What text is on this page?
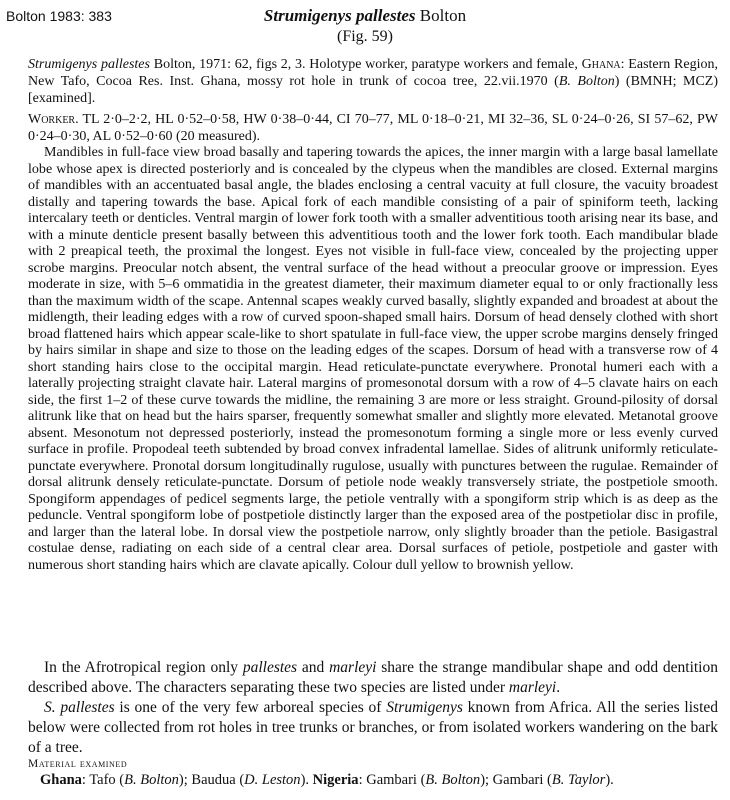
Bolton 1983: 383	Strumigenys pallestes Bolton
(Fig. 59)
Strumigenys pallestes Bolton, 1971: 62, figs 2, 3. Holotype worker, paratype workers and female, Ghana: Eastern Region, New Tafo, Cocoa Res. Inst. Ghana, mossy rot hole in trunk of cocoa tree, 22.vii.1970 (B. Bolton) (BMNH; MCZ) [examined].
Worker. TL 2·0–2·2, HL 0·52–0·58, HW 0·38–0·44, CI 70–77, ML 0·18–0·21, MI 32–36, SL 0·24–0·26, SI 57–62, PW 0·24–0·30, AL 0·52–0·60 (20 measured).
Mandibles in full-face view broad basally and tapering towards the apices, the inner margin with a large basal lamellate lobe whose apex is directed posteriorly and is concealed by the clypeus when the mandibles are closed. External margins of mandibles with an accentuated basal angle, the blades enclosing a central vacuity at full closure, the vacuity broadest distally and tapering towards the base. Apical fork of each mandible consisting of a pair of spiniform teeth, lacking intercalary teeth or denticles. Ventral margin of lower fork tooth with a smaller adventitious tooth arising near its base, and with a minute denticle present basally between this adventitious tooth and the lower fork tooth. Each mandibular blade with 2 preapical teeth, the proximal the longest. Eyes not visible in full-face view, concealed by the projecting upper scrobe margins. Preocular notch absent, the ventral surface of the head without a preocular groove or impression. Eyes moderate in size, with 5–6 ommatidia in the greatest diameter, their maximum diameter equal to or only fractionally less than the maximum width of the scape. Antennal scapes weakly curved basally, slightly expanded and broadest at about the midlength, their leading edges with a row of curved spoon-shaped small hairs. Dorsum of head densely clothed with short broad flattened hairs which appear scale-like to short spatulate in full-face view, the upper scrobe margins densely fringed by hairs similar in shape and size to those on the leading edges of the scapes. Dorsum of head with a transverse row of 4 short standing hairs close to the occipital margin. Head reticulate-punctate everywhere. Pronotal humeri each with a laterally projecting straight clavate hair. Lateral margins of promesonotal dorsum with a row of 4–5 clavate hairs on each side, the first 1–2 of these curve towards the midline, the remaining 3 are more or less straight. Ground-pilosity of dorsal alitrunk like that on head but the hairs sparser, frequently somewhat smaller and slightly more elevated. Metanotal groove absent. Mesonotum not depressed posteriorly, instead the promesonotum forming a single more or less evenly curved surface in profile. Propodeal teeth subtended by broad convex infradental lamellae. Sides of alitrunk uniformly reticulate-punctate everywhere. Pronotal dorsum longitudinally rugulose, usually with punctures between the rugulae. Remainder of dorsal alitrunk densely reticulate-punctate. Dorsum of petiole node weakly transversely striate, the postpetiole smooth. Spongiform appendages of pedicel segments large, the petiole ventrally with a spongiform strip which is as deep as the peduncle. Ventral spongiform lobe of postpetiole distinctly larger than the exposed area of the postpetiolar disc in profile, and larger than the lateral lobe. In dorsal view the postpetiole narrow, only slightly broader than the petiole. Basigastral costulae dense, radiating on each side of a central clear area. Dorsal surfaces of petiole, postpetiole and gaster with numerous short standing hairs which are clavate apically. Colour dull yellow to brownish yellow.

In the Afrotropical region only pallestes and marleyi share the strange mandibular shape and odd dentition described above. The characters separating these two species are listed under marleyi.

S. pallestes is one of the very few arboreal species of Strumigenys known from Africa. All the series listed below were collected from rot holes in tree trunks or branches, or from isolated workers wandering on the bark of a tree.

Material examined
Ghana: Tafo (B. Bolton); Baudua (D. Leston). Nigeria: Gambari (B. Bolton); Gambari (B. Taylor).
